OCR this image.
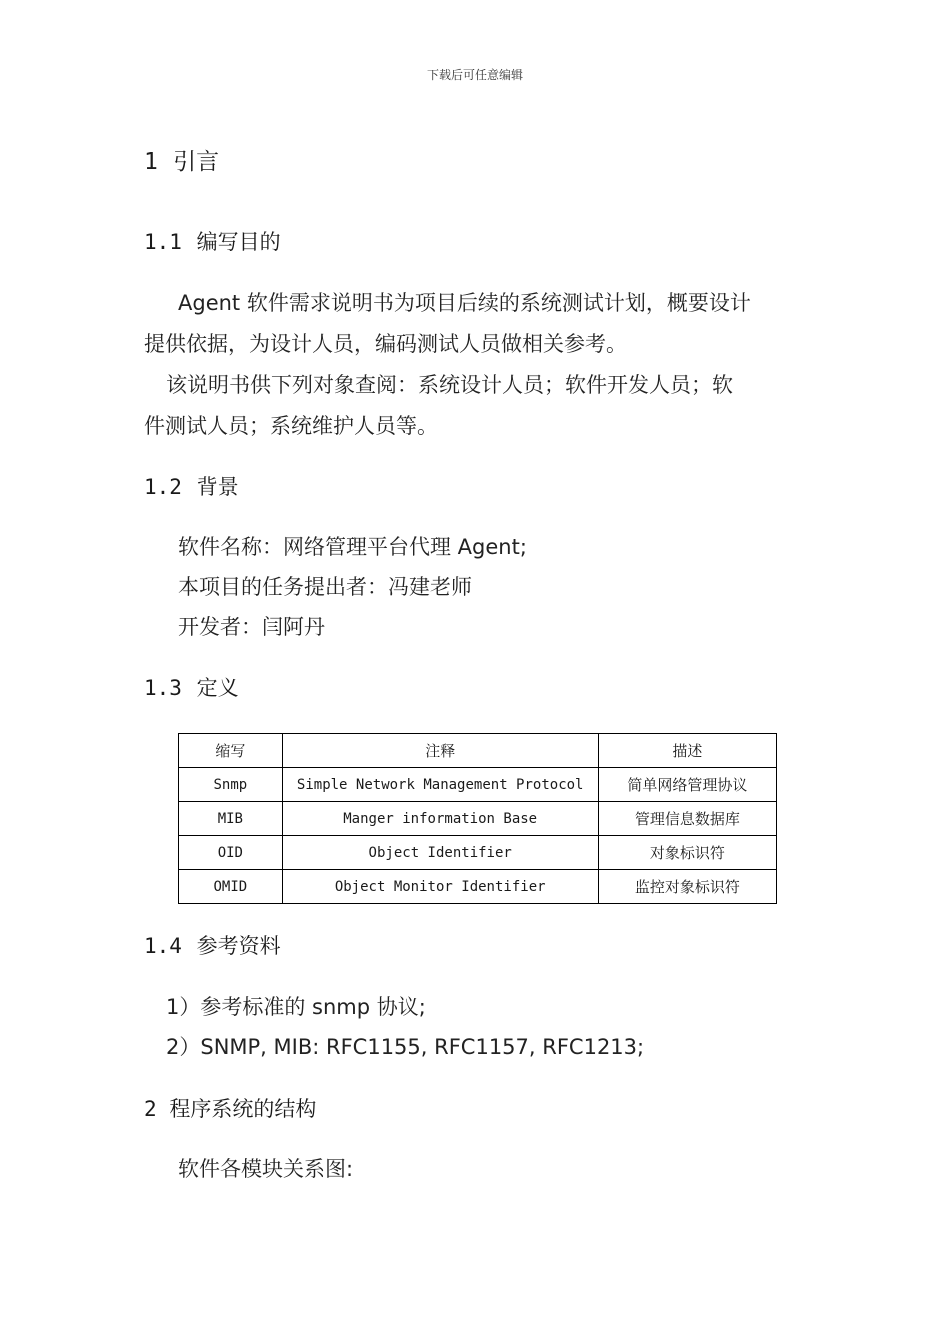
下载后可任意编辑
1 引言
1.1 编写目的
Agent 软件需求说明书为项目后续的系统测试计划，概要设计
提供依据，为设计人员，编码测试人员做相关参考。
该说明书供下列对象查阅：系统设计人员；软件开发人员；软
件测试人员；系统维护人员等。
1.2 背景
软件名称：网络管理平台代理 Agent;
本项目的任务提出者：冯建老师
开发者：闫阿丹
1.3 定义
缩写	注释	描述
Snmp	Simple Network Management Protocol	简单网络管理协议
MIB	Manger information Base	管理信息数据库
OID	Object Identifier	对象标识符
OMID	Object Monitor Identifier	监控对象标识符
1.4 参考资料
1）参考标准的 snmp 协议;
2）SNMP, MIB: RFC1155, RFC1157, RFC1213;
2 程序系统的结构
软件各模块关系图:
